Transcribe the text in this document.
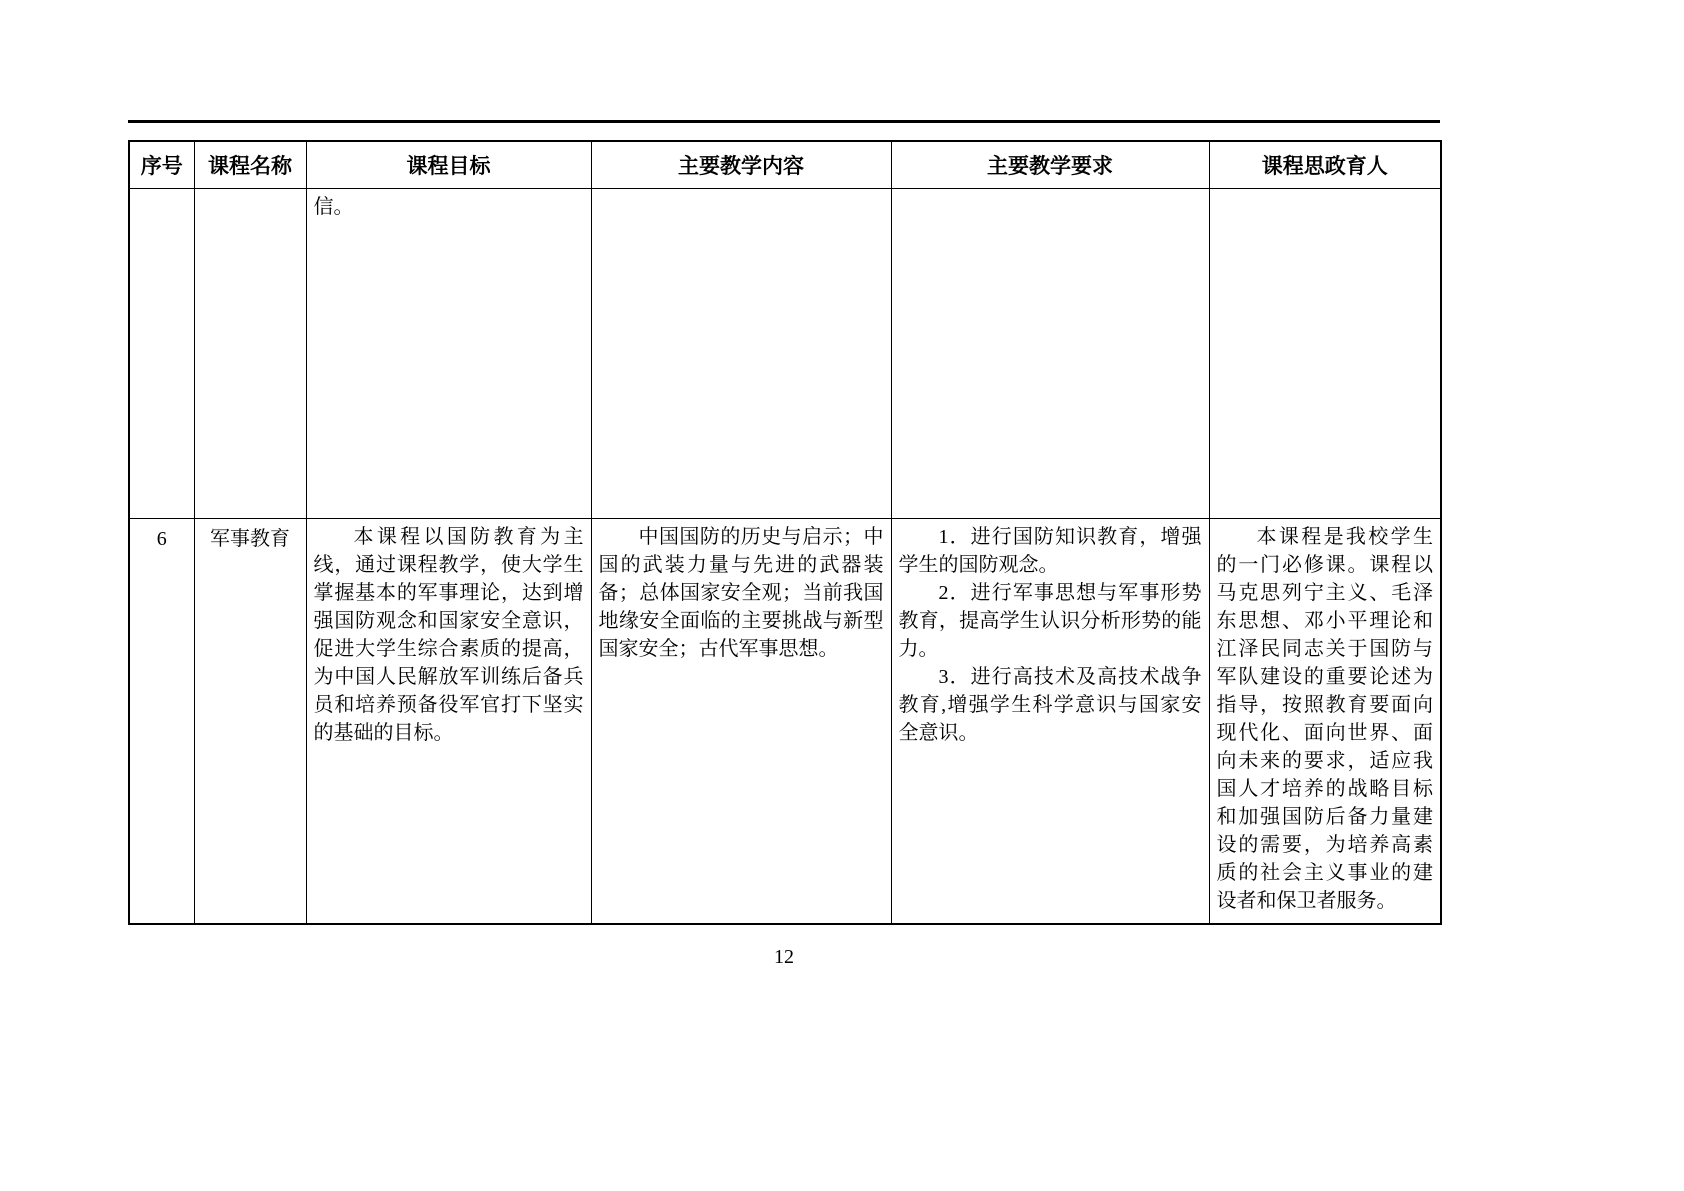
序号	课程名称	课程目标	主要教学内容	主要教学要求	课程思政育人

		信。			

6	军事教育	本课程以国防教育为主线，通过课程教学，使大学生掌握基本的军事理论，达到增强国防观念和国家安全意识，促进大学生综合素质的提高，为中国人民解放军训练后备兵员和培养预备役军官打下坚实的基础的目标。	中国国防的历史与启示；中国的武装力量与先进的武器装备；总体国家安全观；当前我国地缘安全面临的主要挑战与新型国家安全；古代军事思想。	1．进行国防知识教育，增强学生的国防观念。

2．进行军事思想与军事形势教育，提高学生认识分析形势的能力。

3．进行高技术及高技术战争教育,增强学生科学意识与国家安全意识。	本课程是我校学生的一门必修课。课程以马克思列宁主义、毛泽东思想、邓小平理论和江泽民同志关于国防与军队建设的重要论述为指导，按照教育要面向现代化、面向世界、面向未来的要求，适应我国人才培养的战略目标和加强国防后备力量建设的需要，为培养高素质的社会主义事业的建设者和保卫者服务。

12
